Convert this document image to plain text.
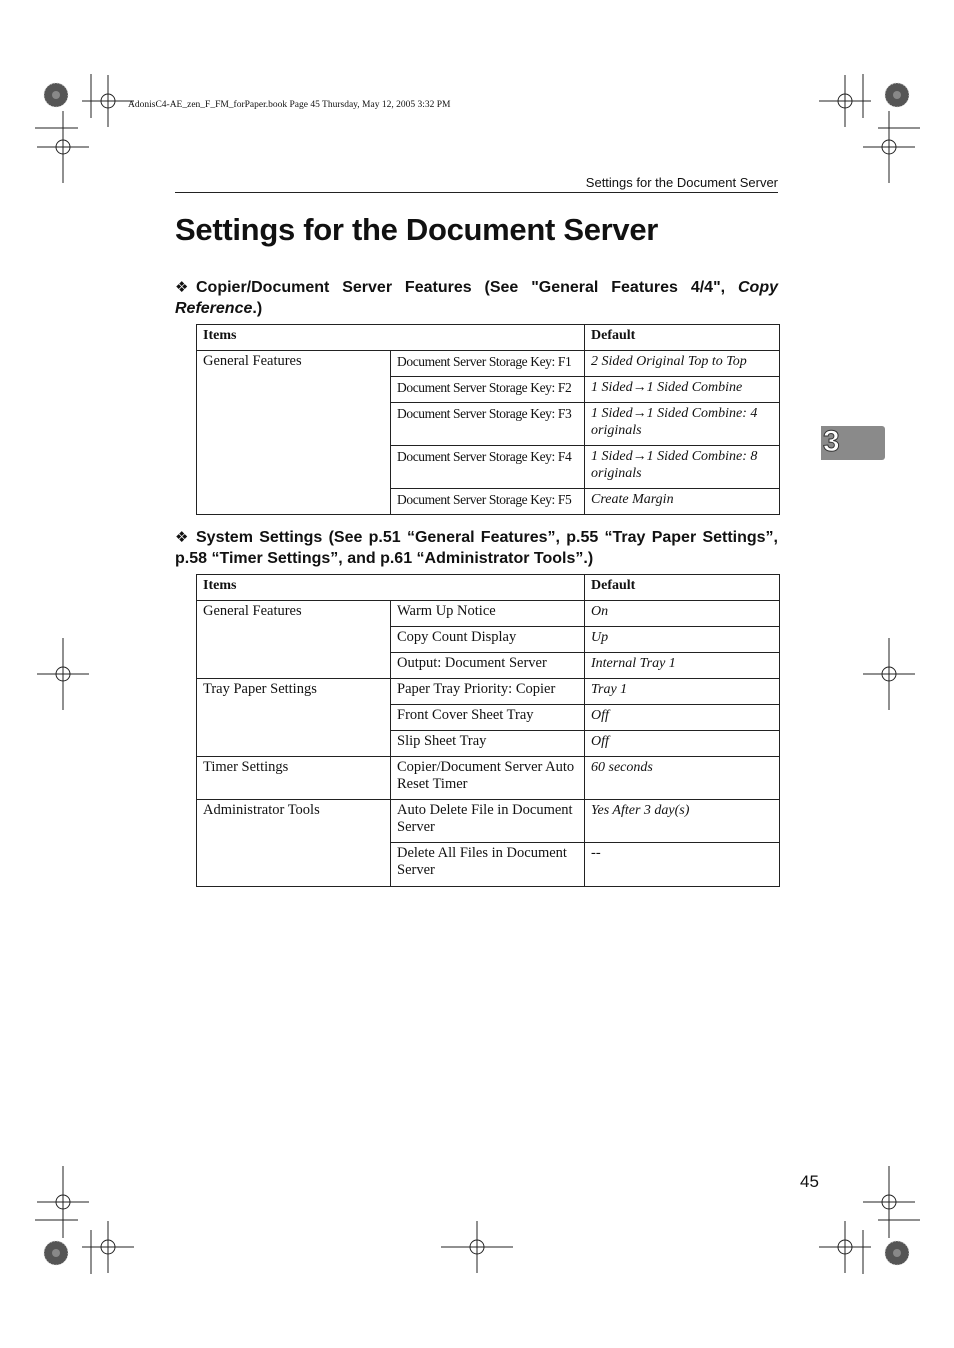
AdonisC4-AE_zen_F_FM_forPaper.book Page 45 Thursday, May 12, 2005 3:32 PM
Settings for the Document Server
Settings for the Document Server
❖ Copier/Document Server Features (See "General Features 4/4", Copy Reference.)
Items		Default
General Features	Document Server Storage Key: F1	2 Sided Original Top to Top
	Document Server Storage Key: F2	1 Sided→1 Sided Combine
	Document Server Storage Key: F3	1 Sided→1 Sided Combine: 4 originals
	Document Server Storage Key: F4	1 Sided→1 Sided Combine: 8 originals
	Document Server Storage Key: F5	Create Margin
❖ System Settings (See p.51 “General Features”, p.55 “Tray Paper Settings”, p.58 “Timer Settings”, and p.61 “Administrator Tools”.)
Items		Default
General Features	Warm Up Notice	On
	Copy Count Display	Up
	Output: Document Server	Internal Tray 1
Tray Paper Settings	Paper Tray Priority: Copier	Tray 1
	Front Cover Sheet Tray	Off
	Slip Sheet Tray	Off
Timer Settings	Copier/Document Server Auto Reset Timer	60 seconds
Administrator Tools	Auto Delete File in Document Server	Yes After 3 day(s)
	Delete All Files in Document Server	--
3
45
